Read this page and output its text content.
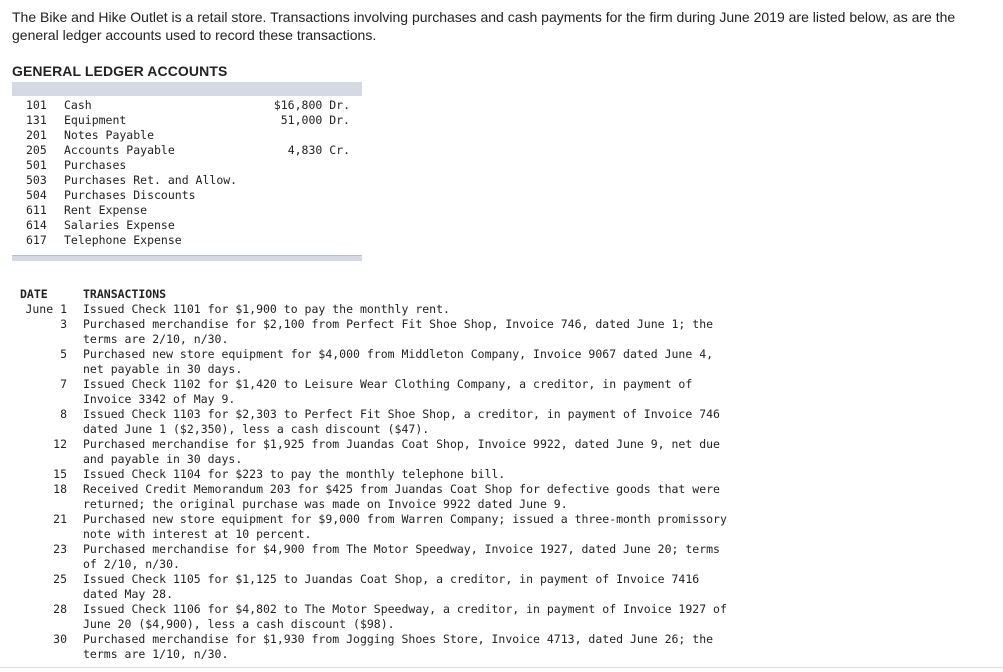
The Bike and Hike Outlet is a retail store. Transactions involving purchases and cash payments for the firm during June 2019 are listed below, as are the general ledger accounts used to record these transactions.
GENERAL LEDGER ACCOUNTS
101 Cash	$16,800 Dr.
131 Equipment	51,000 Dr.
201 Notes Payable
205 Accounts Payable	4,830 Cr.
501 Purchases
503 Purchases Ret. and Allow.
504 Purchases Discounts
611 Rent Expense
614 Salaries Expense
617 Telephone Expense
DATE	TRANSACTIONS
June 1 Issued Check 1101 for $1,900 to pay the monthly rent.
3 Purchased merchandise for $2,100 from Perfect Fit Shoe Shop, Invoice 746, dated June 1; the terms are 2/10, n/30.
5 Purchased new store equipment for $4,000 from Middleton Company, Invoice 9067 dated June 4, net payable in 30 days.
7 Issued Check 1102 for $1,420 to Leisure Wear Clothing Company, a creditor, in payment of Invoice 3342 of May 9.
8 Issued Check 1103 for $2,303 to Perfect Fit Shoe Shop, a creditor, in payment of Invoice 746 dated June 1 ($2,350), less a cash discount ($47).
12 Purchased merchandise for $1,925 from Juandas Coat Shop, Invoice 9922, dated June 9, net due and payable in 30 days.
15 Issued Check 1104 for $223 to pay the monthly telephone bill.
18 Received Credit Memorandum 203 for $425 from Juandas Coat Shop for defective goods that were returned; the original purchase was made on Invoice 9922 dated June 9.
21 Purchased new store equipment for $9,000 from Warren Company; issued a three-month promissory note with interest at 10 percent.
23 Purchased merchandise for $4,900 from The Motor Speedway, Invoice 1927, dated June 20; terms of 2/10, n/30.
25 Issued Check 1105 for $1,125 to Juandas Coat Shop, a creditor, in payment of Invoice 7416 dated May 28.
28 Issued Check 1106 for $4,802 to The Motor Speedway, a creditor, in payment of Invoice 1927 of June 20 ($4,900), less a cash discount ($98).
30 Purchased merchandise for $1,930 from Jogging Shoes Store, Invoice 4713, dated June 26; the terms are 1/10, n/30.
